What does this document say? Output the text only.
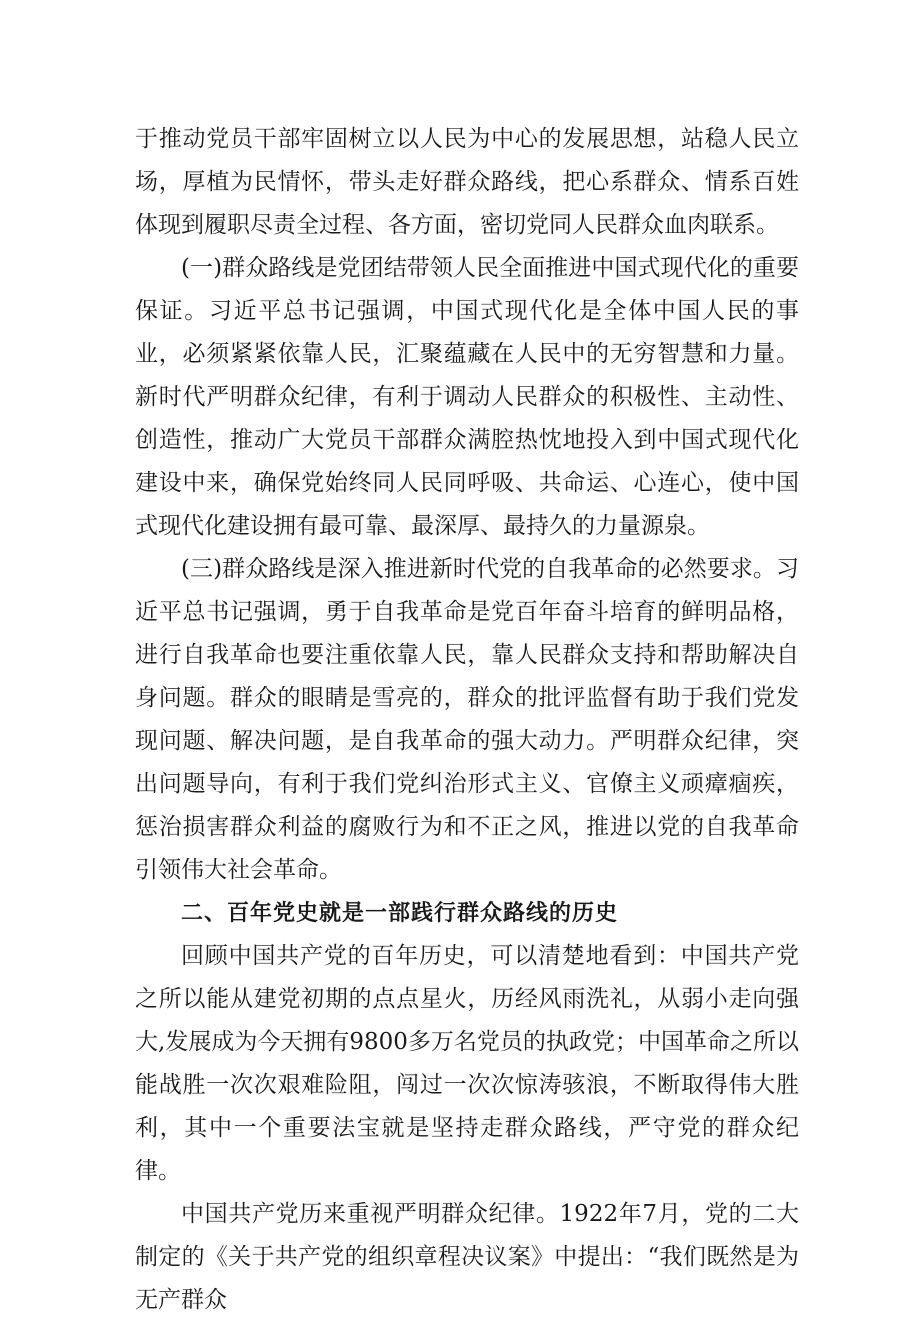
于推动党员干部牢固树立以人民为中心的发展思想，站稳人民立场，厚植为民情怀，带头走好群众路线，把心系群众、情系百姓体现到履职尽责全过程、各方面，密切党同人民群众血肉联系。

(一)群众路线是党团结带领人民全面推进中国式现代化的重要保证。习近平总书记强调，中国式现代化是全体中国人民的事业，必须紧紧依靠人民，汇聚蕴藏在人民中的无穷智慧和力量。新时代严明群众纪律，有利于调动人民群众的积极性、主动性、创造性，推动广大党员干部群众满腔热忱地投入到中国式现代化建设中来，确保党始终同人民同呼吸、共命运、心连心，使中国式现代化建设拥有最可靠、最深厚、最持久的力量源泉。

(三)群众路线是深入推进新时代党的自我革命的必然要求。习近平总书记强调，勇于自我革命是党百年奋斗培育的鲜明品格，进行自我革命也要注重依靠人民，靠人民群众支持和帮助解决自身问题。群众的眼睛是雪亮的，群众的批评监督有助于我们党发现问题、解决问题，是自我革命的强大动力。严明群众纪律，突出问题导向，有利于我们党纠治形式主义、官僚主义顽瘴痼疾，惩治损害群众利益的腐败行为和不正之风，推进以党的自我革命引领伟大社会革命。

二、百年党史就是一部践行群众路线的历史

回顾中国共产党的百年历史，可以清楚地看到：中国共产党之所以能从建党初期的点点星火，历经风雨洗礼，从弱小走向强大,发展成为今天拥有9800多万名党员的执政党；中国革命之所以能战胜一次次艰难险阻，闯过一次次惊涛骇浪，不断取得伟大胜利，其中一个重要法宝就是坚持走群众路线，严守党的群众纪律。

中国共产党历来重视严明群众纪律。1922年7月，党的二大制定的《关于共产党的组织章程决议案》中提出：“我们既然是为无产群众
